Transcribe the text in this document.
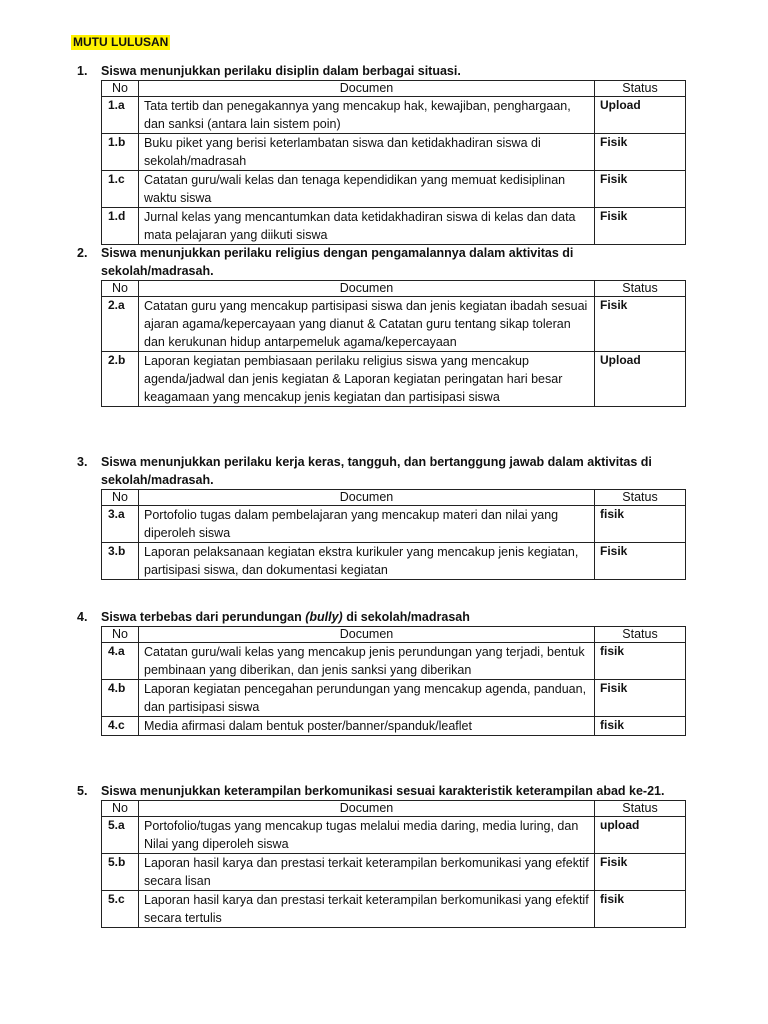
MUTU LULUSAN
1.	Siswa menunjukkan perilaku disiplin dalam berbagai situasi.
No	Documen	Status
1.a	Tata tertib dan penegakannya yang mencakup hak, kewajiban, penghargaan, dan sanksi (antara lain sistem poin)	Upload
1.b	Buku piket yang berisi keterlambatan siswa dan ketidakhadiran siswa di sekolah/madrasah	Fisik
1.c	Catatan guru/wali kelas dan tenaga kependidikan yang memuat kedisiplinan waktu siswa	Fisik
1.d	Jurnal kelas yang mencantumkan data ketidakhadiran siswa di kelas dan data mata pelajaran yang diikuti siswa	Fisik
2.	Siswa menunjukkan perilaku religius dengan pengamalannya dalam aktivitas di sekolah/madrasah.
No	Documen	Status
2.a	Catatan guru yang mencakup partisipasi siswa dan jenis kegiatan ibadah sesuai ajaran agama/kepercayaan yang dianut & Catatan guru tentang sikap toleran dan kerukunan hidup antarpemeluk agama/kepercayaan	Fisik
2.b	Laporan kegiatan pembiasaan perilaku religius siswa yang mencakup agenda/jadwal dan jenis kegiatan & Laporan kegiatan peringatan hari besar keagamaan yang mencakup jenis kegiatan dan partisipasi siswa	Upload
3.	Siswa menunjukkan perilaku kerja keras, tangguh, dan bertanggung jawab dalam aktivitas di sekolah/madrasah.
No	Documen	Status
3.a	Portofolio tugas dalam pembelajaran yang mencakup materi dan nilai yang diperoleh siswa	fisik
3.b	Laporan pelaksanaan kegiatan ekstra kurikuler yang mencakup jenis kegiatan, partisipasi siswa, dan dokumentasi kegiatan	Fisik
4.	Siswa terbebas dari perundungan (bully) di sekolah/madrasah
No	Documen	Status
4.a	Catatan guru/wali kelas yang mencakup jenis perundungan yang terjadi, bentuk pembinaan yang diberikan, dan jenis sanksi yang diberikan	fisik
4.b	Laporan kegiatan pencegahan perundungan yang mencakup agenda, panduan, dan partisipasi siswa	Fisik
4.c	Media afirmasi dalam bentuk poster/banner/spanduk/leaflet	fisik
5.	Siswa menunjukkan keterampilan berkomunikasi sesuai karakteristik keterampilan abad ke-21.
No	Documen	Status
5.a	Portofolio/tugas yang mencakup tugas melalui media daring, media luring, dan Nilai yang diperoleh siswa	upload
5.b	Laporan hasil karya dan prestasi terkait keterampilan berkomunikasi yang efektif secara lisan	Fisik
5.c	Laporan hasil karya dan prestasi terkait keterampilan berkomunikasi yang efektif secara tertulis	fisik
